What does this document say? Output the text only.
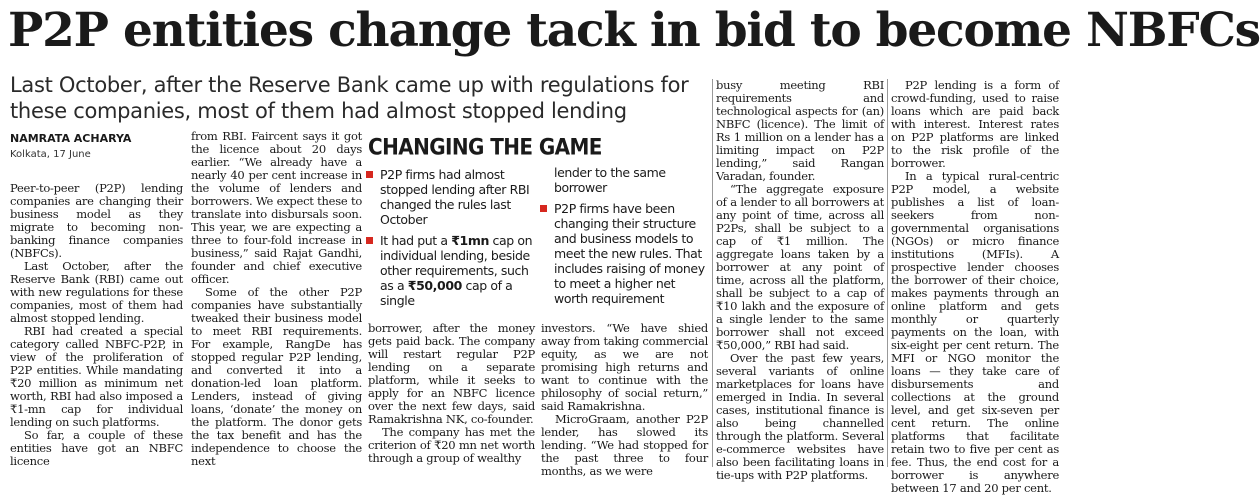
P2P entities change tack in bid to become NBFCs
Last October, after the Reserve Bank came up with regulations for these companies, most of them had almost stopped lending
NAMRATA ACHARYA
Kolkata, 17 June

Peer-to-peer (P2P) lending companies are changing their business model as they migrate to becoming non-banking finance companies (NBFCs).

Last October, after the Reserve Bank (RBI) came out with new regulations for these companies, most of them had almost stopped lending.

RBI had created a special category called NBFC-P2P, in view of the proliferation of P2P entities. While mandating ₹20 million as minimum net worth, RBI had also imposed a ₹1-mn cap for individual lending on such platforms.

So far, a couple of these entities have got an NBFC licence

from RBI. Faircent says it got the licence about 20 days earlier. “We already have a nearly 40 per cent increase in the volume of lenders and borrowers. We expect these to translate into disbursals soon. This year, we are expecting a three to four-fold increase in business,” said Rajat Gandhi, founder and chief executive officer.

Some of the other P2P companies have substantially tweaked their business model to meet RBI requirements. For example, RangDe has stopped regular P2P lending, and converted it into a donation-led loan platform. Lenders, instead of giving loans, ‘donate’ the money on the platform. The donor gets the tax benefit and has the independence to choose the next

CHANGING THE GAME
P2P firms had almost stopped lending after RBI changed the rules last October
It had put a ₹1mn cap on individual lending, beside other requirements, such as a ₹50,000 cap of a single
lender to the same borrower
P2P firms have been changing their structure and business models to meet the new rules. That includes raising of money to meet a higher net worth requirement

borrower, after the money gets paid back. The company will restart regular P2P lending on a separate platform, while it seeks to apply for an NBFC licence over the next few days, said Ramakrishna NK, co-founder.

The company has met the criterion of ₹20 mn net worth through a group of wealthy

investors. “We have shied away from taking commercial equity, as we are not promising high returns and want to continue with the philosophy of social return,” said Ramakrishna.

MicroGraam, another P2P lender, has slowed its lending. “We had stopped for the past three to four months, as we were

busy meeting RBI requirements and technological aspects for (an) NBFC (licence). The limit of Rs 1 million on a lender has a limiting impact on P2P lending,” said Rangan Varadan, founder.

“The aggregate exposure of a lender to all borrowers at any point of time, across all P2Ps, shall be subject to a cap of ₹1 million. The aggregate loans taken by a borrower at any point of time, across all the platform, shall be subject to a cap of ₹10 lakh and the exposure of a single lender to the same borrower shall not exceed ₹50,000,” RBI had said.

Over the past few years, several variants of online marketplaces for loans have emerged in India. In several cases, institutional finance is also being channelled through the platform. Several e-commerce websites have also been facilitating loans in tie-ups with P2P platforms.

P2P lending is a form of crowd-funding, used to raise loans which are paid back with interest. Interest rates on P2P platforms are linked to the risk profile of the borrower.

In a typical rural-centric P2P model, a website publishes a list of loan-seekers from non-governmental organisations (NGOs) or micro finance institutions (MFIs). A prospective lender chooses the borrower of their choice, makes payments through an online platform and gets monthly or quarterly payments on the loan, with six-eight per cent return. The MFI or NGO monitor the loans — they take care of disbursements and collections at the ground level, and get six-seven per cent return. The online platforms that facilitate retain two to five per cent as fee. Thus, the end cost for a borrower is anywhere between 17 and 20 per cent.
